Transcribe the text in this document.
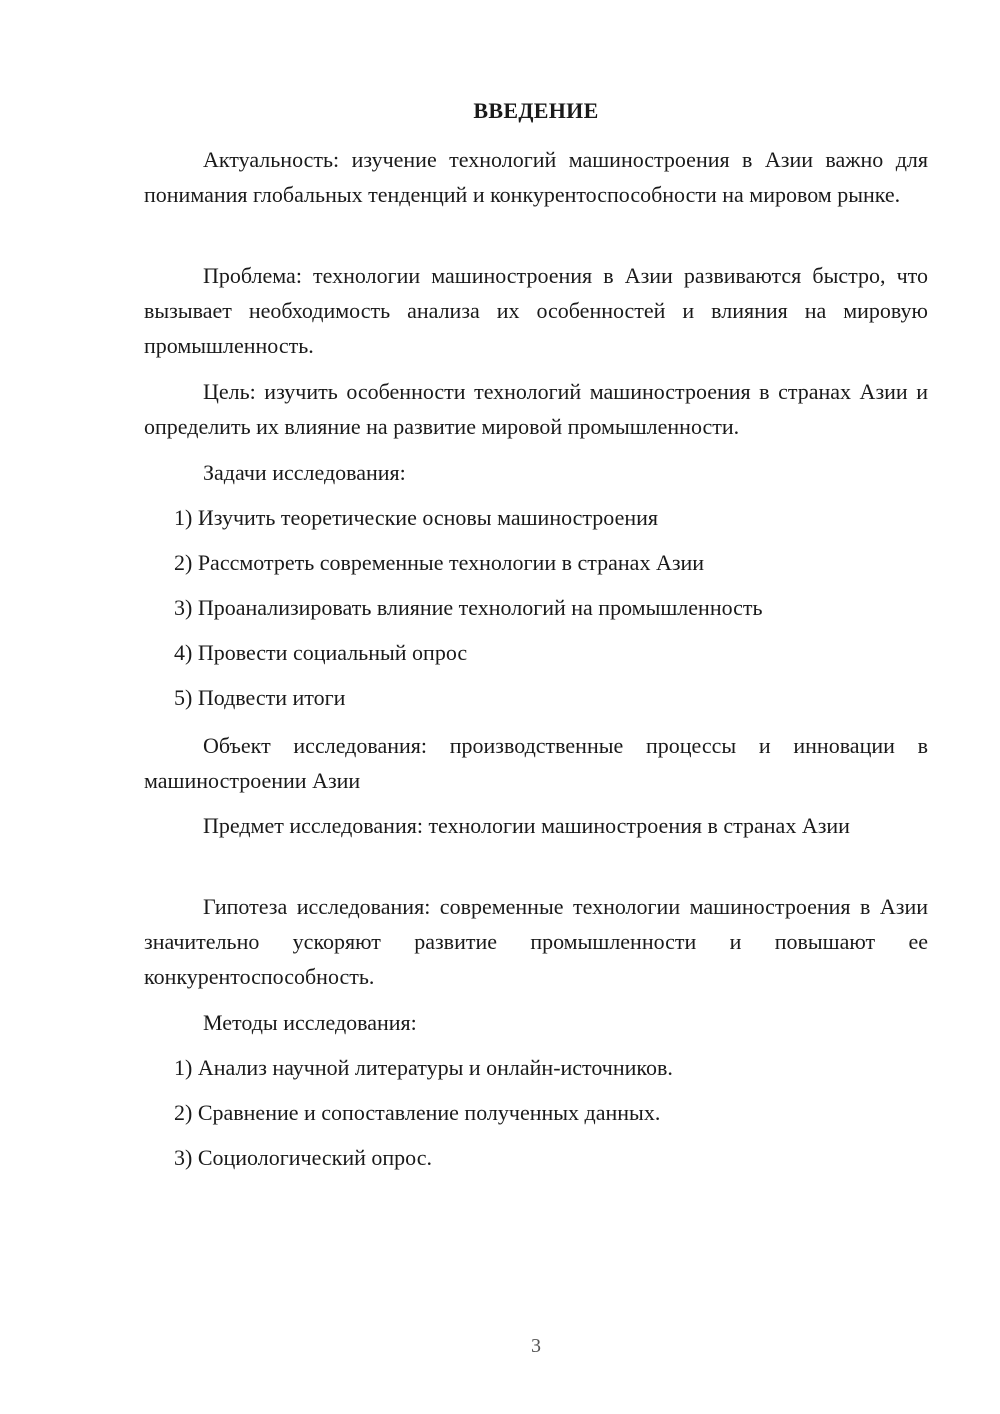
ВВЕДЕНИЕ

Актуальность: изучение технологий машиностроения в Азии важно для понимания глобальных тенденций и конкурентоспособности на мировом рынке.

Проблема: технологии машиностроения в Азии развиваются быстро, что вызывает необходимость анализа их особенностей и влияния на мировую промышленность.

Цель: изучить особенности технологий машиностроения в странах Азии и определить их влияние на развитие мировой промышленности.

Задачи исследования:

1) Изучить теоретические основы машиностроения

2) Рассмотреть современные технологии в странах Азии

3) Проанализировать влияние технологий на промышленность

4) Провести социальный опрос

5) Подвести итоги

Объект исследования: производственные процессы и инновации в машиностроении Азии

Предмет исследования: технологии машиностроения в странах Азии

Гипотеза исследования: современные технологии машиностроения в Азии значительно ускоряют развитие промышленности и повышают ее конкурентоспособность.

Методы исследования:

1) Анализ научной литературы и онлайн-источников.

2) Сравнение и сопоставление полученных данных.

3) Социологический опрос.

3
